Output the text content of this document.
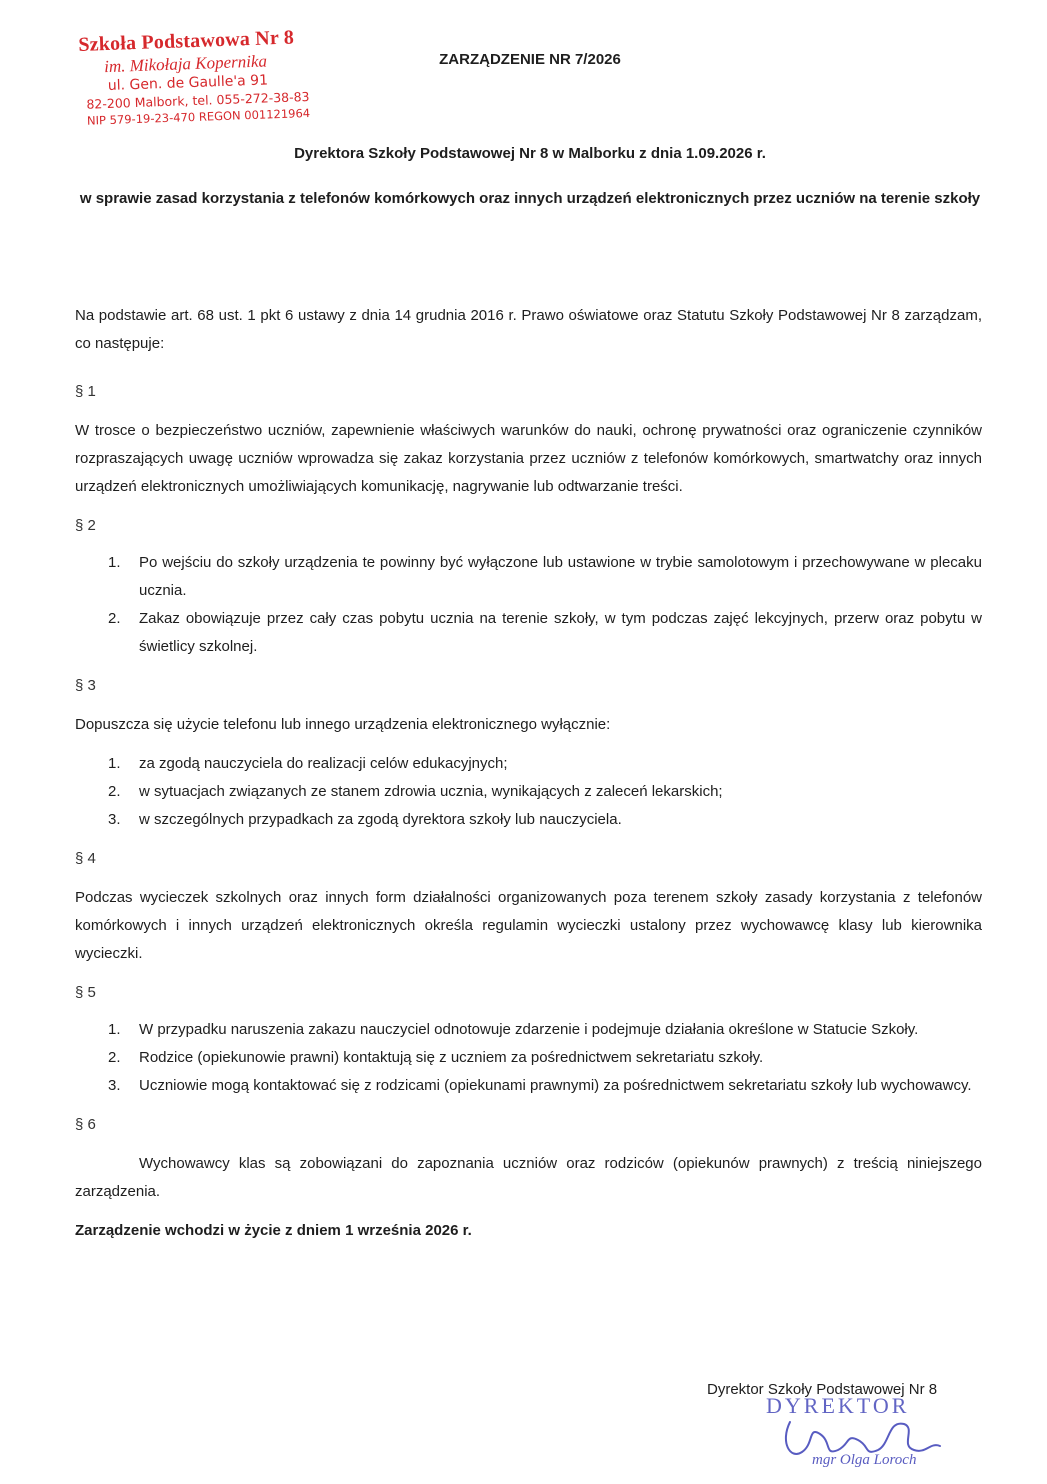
Szkoła Podstawowa Nr 8
im. Mikołaja Kopernika
ul. Gen. de Gaulle'a 91
82-200 Malbork, tel. 055-272-38-83
NIP 579-19-23-470 REGON 001121964
ZARZĄDZENIE NR 7/2026
Dyrektora Szkoły Podstawowej Nr 8 w Malborku z dnia 1.09.2026 r.
w sprawie zasad korzystania z telefonów komórkowych oraz innych urządzeń elektronicznych przez uczniów na terenie szkoły

Na podstawie art. 68 ust. 1 pkt 6 ustawy z dnia 14 grudnia 2016 r. Prawo oświatowe oraz Statutu Szkoły Podstawowej Nr 8 zarządzam, co następuje:

§ 1

W trosce o bezpieczeństwo uczniów, zapewnienie właściwych warunków do nauki, ochronę prywatności oraz ograniczenie czynników rozpraszających uwagę uczniów wprowadza się zakaz korzystania przez uczniów z telefonów komórkowych, smartwatchy oraz innych urządzeń elektronicznych umożliwiających komunikację, nagrywanie lub odtwarzanie treści.

§ 2

1. Po wejściu do szkoły urządzenia te powinny być wyłączone lub ustawione w trybie samolotowym i przechowywane w plecaku ucznia.
2. Zakaz obowiązuje przez cały czas pobytu ucznia na terenie szkoły, w tym podczas zajęć lekcyjnych, przerw oraz pobytu w świetlicy szkolnej.

§ 3

Dopuszcza się użycie telefonu lub innego urządzenia elektronicznego wyłącznie:

1. za zgodą nauczyciela do realizacji celów edukacyjnych;
2. w sytuacjach związanych ze stanem zdrowia ucznia, wynikających z zaleceń lekarskich;
3. w szczególnych przypadkach za zgodą dyrektora szkoły lub nauczyciela.

§ 4

Podczas wycieczek szkolnych oraz innych form działalności organizowanych poza terenem szkoły zasady korzystania z telefonów komórkowych i innych urządzeń elektronicznych określa regulamin wycieczki ustalony przez wychowawcę klasy lub kierownika wycieczki.

§ 5

1. W przypadku naruszenia zakazu nauczyciel odnotowuje zdarzenie i podejmuje działania określone w Statucie Szkoły.
2. Rodzice (opiekunowie prawni) kontaktują się z uczniem za pośrednictwem sekretariatu szkoły.
3. Uczniowie mogą kontaktować się z rodzicami (opiekunami prawnymi) za pośrednictwem sekretariatu szkoły lub wychowawcy.

§ 6

Wychowawcy klas są zobowiązani do zapoznania uczniów oraz rodziców (opiekunów prawnych) z treścią niniejszego zarządzenia.

Zarządzenie wchodzi w życie z dniem 1 września 2026 r.

Dyrektor Szkoły Podstawowej Nr 8
DYREKTOR
mgr Olga Loroch
